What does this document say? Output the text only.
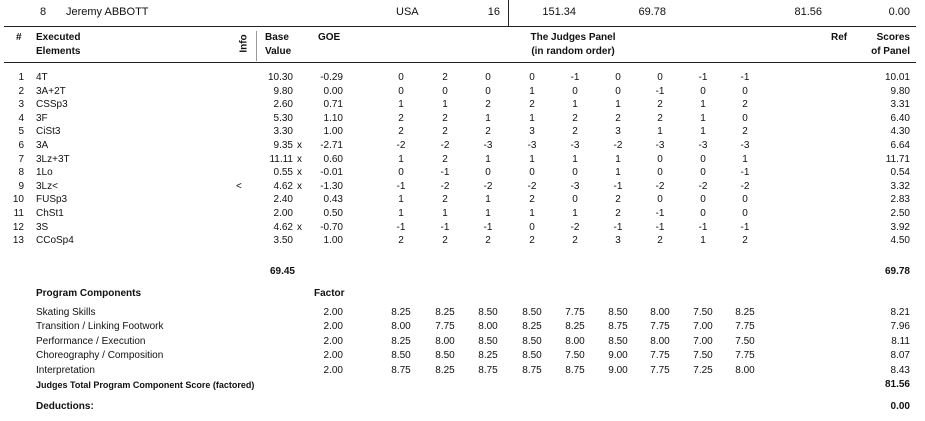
8 Jeremy ABBOTT	USA	16	151.34	69.78	81.56	0.00
# Executed
Elements	Info Base
Value
GOE	The Judges Panel
(in random order)
Ref	Scores
of Panel
1 4T	10.30	-0.29	0	2	0	0	-1	0	0	-1	-1	10.01
2 3A+2T	9.80	0.00	0	0	0	1	0	0	-1	0	0	9.80
3 CSSp3	2.60	0.71	1	1	2	2	1	1	2	1	2	3.31
4 3F	5.30	1.10	2	2	1	1	2	2	2	1	0	6.40
5 CiSt3	3.30	1.00	2	2	2	3	2	3	1	1	2	4.30
6 3A	9.35 x	-2.71	-2	-2	-3	-3	-3	-2	-3	-3	-3	6.64
7 3Lz+3T	11.11 x	0.60	1	2	1	1	1	1	0	0	1	11.71
8 1Lo	0.55 x	-0.01	0	-1	0	0	0	1	0	0	-1	0.54
9 3Lz<	<	4.62 x	-1.30	-1	-2	-2	-2	-3	-1	-2	-2	-2	3.32
10 FUSp3	2.40	0.43	1	2	1	2	0	2	0	0	0	2.83
11 ChSt1	2.00	0.50	1	1	1	1	1	2	-1	0	0	2.50
12 3S	4.62 x	-0.70	-1	-1	-1	0	-2	-1	-1	-1	-1	3.92
13 CCoSp4	3.50	1.00	2	2	2	2	2	3	2	1	2	4.50
69.45	69.78
Program Components	Factor
Skating Skills	2.00	8.25	8.25	8.50	8.50	7.75	8.50	8.00	7.50	8.25	8.21
Transition / Linking Footwork	2.00	8.00	7.75	8.00	8.25	8.25	8.75	7.75	7.00	7.75	7.96
Performance / Execution	2.00	8.25	8.00	8.50	8.50	8.00	8.50	8.00	7.00	7.50	8.11
Choreography / Composition	2.00	8.50	8.50	8.25	8.50	7.50	9.00	7.75	7.50	7.75	8.07
Interpretation	2.00	8.75	8.25	8.75	8.75	8.75	9.00	7.75	7.25	8.00	8.43
Judges Total Program Component Score (factored)	81.56
Deductions:	0.00
